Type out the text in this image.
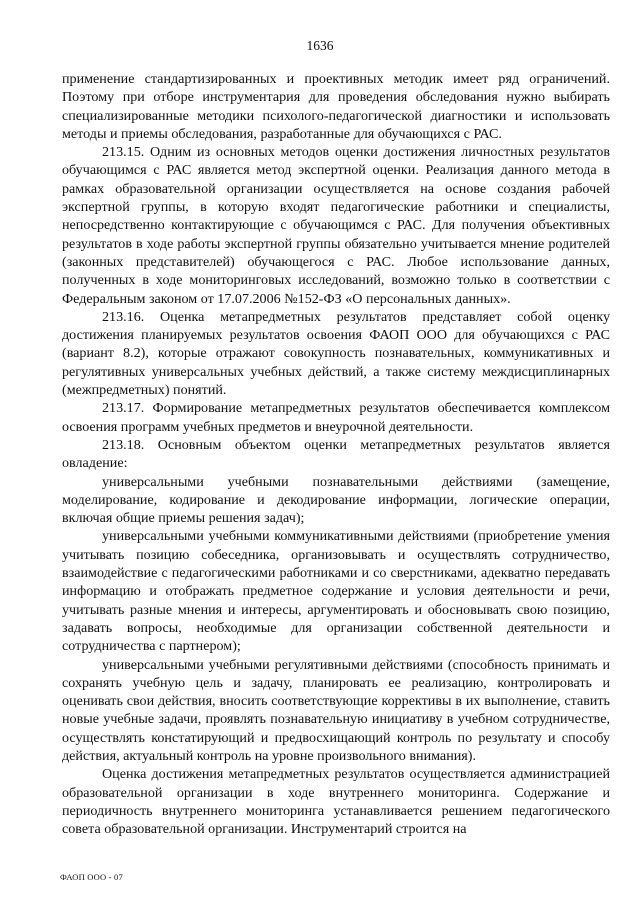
1636

применение стандартизированных и проективных методик имеет ряд ограничений. Поэтому при отборе инструментария для проведения обследования нужно выбирать специализированные методики психолого-педагогической диагностики и использовать методы и приемы обследования, разработанные для обучающихся с РАС.

213.15. Одним из основных методов оценки достижения личностных результатов обучающимся с РАС является метод экспертной оценки. Реализация данного метода в рамках образовательной организации осуществляется на основе создания рабочей экспертной группы, в которую входят педагогические работники и специалисты, непосредственно контактирующие с обучающимся с РАС. Для получения объективных результатов в ходе работы экспертной группы обязательно учитывается мнение родителей (законных представителей) обучающегося с РАС. Любое использование данных, полученных в ходе мониторинговых исследований, возможно только в соответствии с Федеральным законом от 17.07.2006 №152-ФЗ «О персональных данных».

213.16. Оценка метапредметных результатов представляет собой оценку достижения планируемых результатов освоения ФАОП ООО для обучающихся с РАС (вариант 8.2), которые отражают совокупность познавательных, коммуникативных и регулятивных универсальных учебных действий, а также систему междисциплинарных (межпредметных) понятий.

213.17. Формирование метапредметных результатов обеспечивается комплексом освоения программ учебных предметов и внеурочной деятельности.

213.18. Основным объектом оценки метапредметных результатов является овладение:

универсальными учебными познавательными действиями (замещение, моделирование, кодирование и декодирование информации, логические операции, включая общие приемы решения задач);

универсальными учебными коммуникативными действиями (приобретение умения учитывать позицию собеседника, организовывать и осуществлять сотрудничество, взаимодействие с педагогическими работниками и со сверстниками, адекватно передавать информацию и отображать предметное содержание и условия деятельности и речи, учитывать разные мнения и интересы, аргументировать и обосновывать свою позицию, задавать вопросы, необходимые для организации собственной деятельности и сотрудничества с партнером);

универсальными учебными регулятивными действиями (способность принимать и сохранять учебную цель и задачу, планировать ее реализацию, контролировать и оценивать свои действия, вносить соответствующие коррективы в их выполнение, ставить новые учебные задачи, проявлять познавательную инициативу в учебном сотрудничестве, осуществлять констатирующий и предвосхищающий контроль по результату и способу действия, актуальный контроль на уровне произвольного внимания).

Оценка достижения метапредметных результатов осуществляется администрацией образовательной организации в ходе внутреннего мониторинга. Содержание и периодичность внутреннего мониторинга устанавливается решением педагогического совета образовательной организации. Инструментарий строится на

ФАОП ООО - 07
